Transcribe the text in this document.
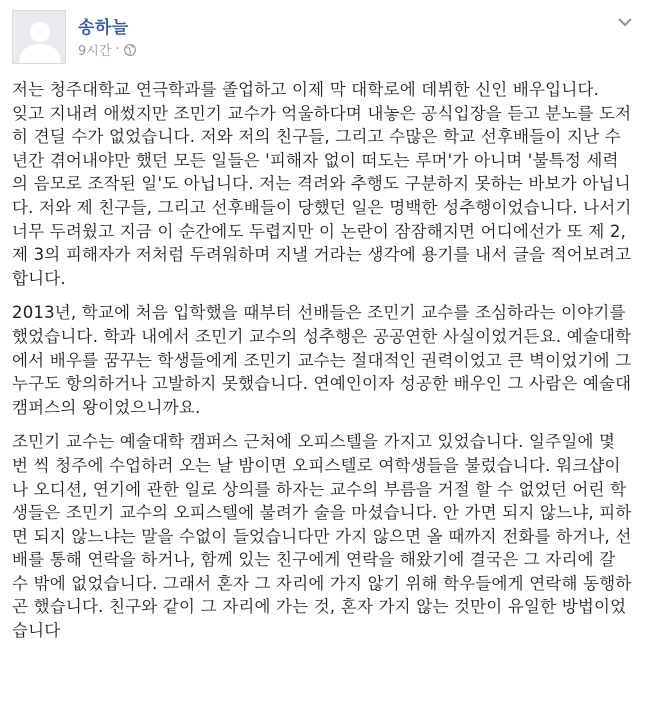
송하늘
9시간 ·

저는 청주대학교 연극학과를 졸업하고 이제 막 대학로에 데뷔한 신인 배우입니다.
잊고 지내려 애썼지만 조민기 교수가 억울하다며 내놓은 공식입장을 듣고 분노를 도저히 견딜 수가 없었습니다. 저와 저의 친구들, 그리고 수많은 학교 선후배들이 지난 수년간 겪어내야만 했던 모든 일들은 '피해자 없이 떠도는 루머'가 아니며 '불특정 세력의 음모로 조작된 일'도 아닙니다. 저는 격려와 추행도 구분하지 못하는 바보가 아닙니다. 저와 제 친구들, 그리고 선후배들이 당했던 일은 명백한 성추행이었습니다. 나서기 너무 두려웠고 지금 이 순간에도 두렵지만 이 논란이 잠잠해지면 어디에선가 또 제 2, 제 3의 피해자가 저처럼 두려워하며 지낼 거라는 생각에 용기를 내서 글을 적어보려고 합니다.

2013년, 학교에 처음 입학했을 때부터 선배들은 조민기 교수를 조심하라는 이야기를 했었습니다. 학과 내에서 조민기 교수의 성추행은 공공연한 사실이었거든요. 예술대학에서 배우를 꿈꾸는 학생들에게 조민기 교수는 절대적인 권력이었고 큰 벽이었기에 그 누구도 항의하거나 고발하지 못했습니다. 연예인이자 성공한 배우인 그 사람은 예술대 캠퍼스의 왕이었으니까요.

조민기 교수는 예술대학 캠퍼스 근처에 오피스텔을 가지고 있었습니다. 일주일에 몇 번 씩 청주에 수업하러 오는 날 밤이면 오피스텔로 여학생들을 불렀습니다. 워크샵이나 오디션, 연기에 관한 일로 상의를 하자는 교수의 부름을 거절 할 수 없었던 어린 학생들은 조민기 교수의 오피스텔에 불려가 술을 마셨습니다. 안 가면 되지 않느냐, 피하면 되지 않느냐는 말을 수없이 들었습니다만 가지 않으면 올 때까지 전화를 하거나, 선배를 통해 연락을 하거나, 함께 있는 친구에게 연락을 해왔기에 결국은 그 자리에 갈 수 밖에 없었습니다. 그래서 혼자 그 자리에 가지 않기 위해 학우들에게 연락해 동행하곤 했습니다. 친구와 같이 그 자리에 가는 것, 혼자 가지 않는 것만이 유일한 방법이었습니다
